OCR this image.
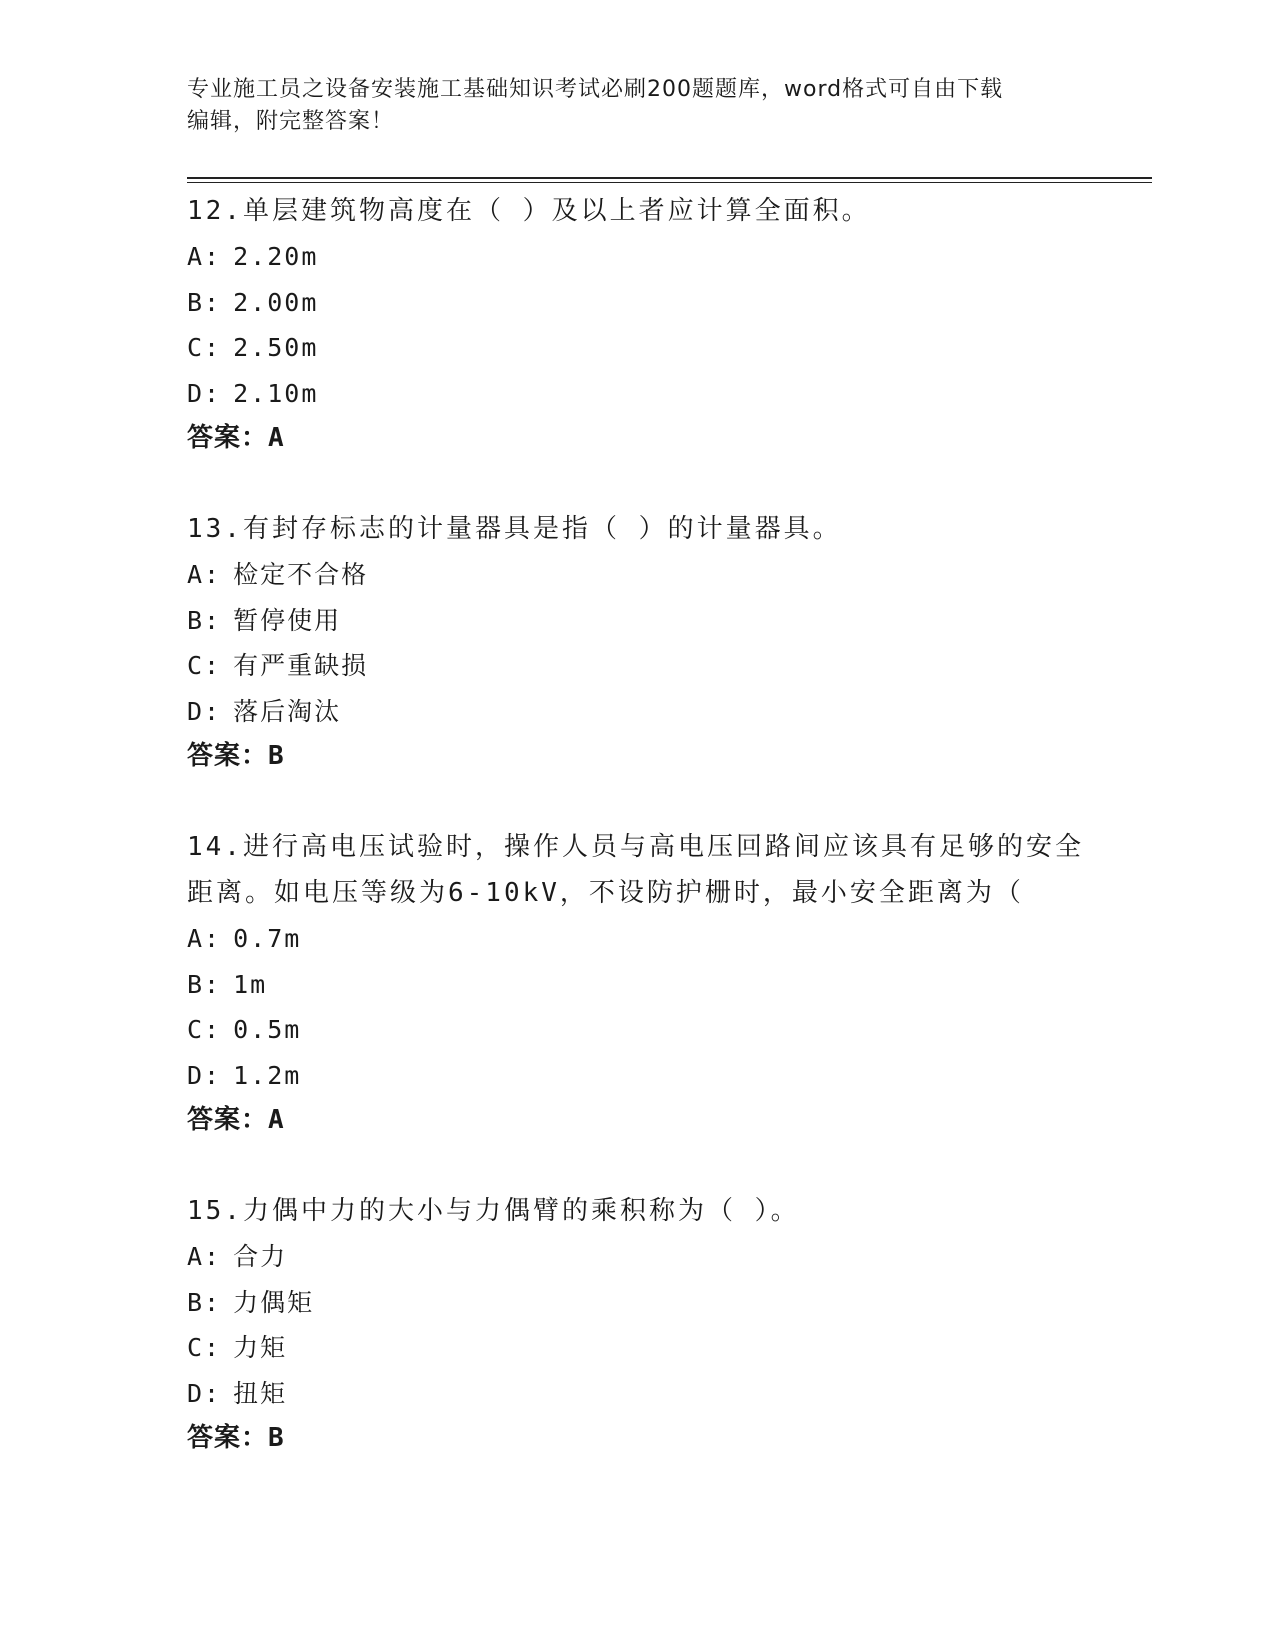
专业施工员之设备安装施工基础知识考试必刷200题题库，word格式可自由下载
编辑，附完整答案！

12.单层建筑物高度在（ ）及以上者应计算全面积。

A: 2.20m

B: 2.00m

C: 2.50m

D: 2.10m

答案：A

13.有封存标志的计量器具是指（ ）的计量器具。

A: 检定不合格

B: 暂停使用

C: 有严重缺损

D: 落后淘汰

答案：B

14.进行高电压试验时，操作人员与高电压回路间应该具有足够的安全

距离。如电压等级为6-10kV，不设防护栅时，最小安全距离为（

A: 0.7m

B: 1m

C: 0.5m

D: 1.2m

答案：A

15.力偶中力的大小与力偶臂的乘积称为（ ）。

A: 合力

B: 力偶矩

C: 力矩

D: 扭矩

答案：B
